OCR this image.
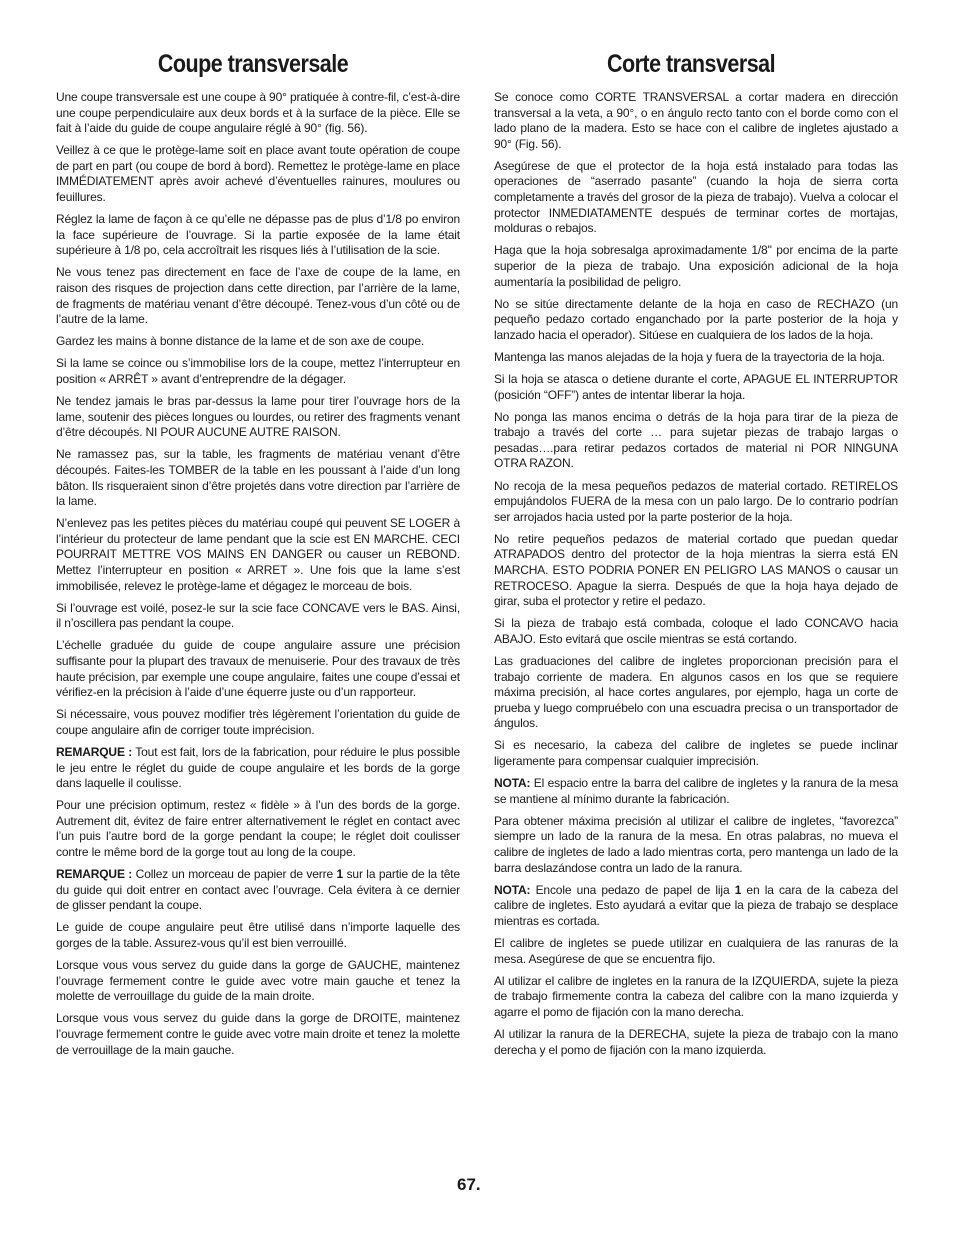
Coupe transversale

Une coupe transversale est une coupe à 90° pratiquée à contre-fil, c’est-à-dire une coupe perpendiculaire aux deux bords et à la surface de la pièce. Elle se fait à l’aide du guide de coupe angulaire réglé à 90° (fig. 56).

Veillez à ce que le protège-lame soit en place avant toute opération de coupe de part en part (ou coupe de bord à bord). Remettez le protège-lame en place IMMÉDIATEMENT après avoir achevé d’éventuelles rainures, moulures ou feuillures.

Réglez la lame de façon à ce qu’elle ne dépasse pas de plus d’1/8 po environ la face supérieure de l’ouvrage. Si la partie exposée de la lame était supérieure à 1/8 po, cela accroîtrait les risques liés à l’utilisation de la scie.

Ne vous tenez pas directement en face de l’axe de coupe de la lame, en raison des risques de projection dans cette direction, par l’arrière de la lame, de fragments de matériau venant d’être découpé. Tenez-vous d’un côté ou de l’autre de la lame.

Gardez les mains à bonne distance de la lame et de son axe de coupe.

Si la lame se coince ou s’immobilise lors de la coupe, mettez l’interrupteur en position « ARRÊT » avant d’entreprendre de la dégager.

Ne tendez jamais le bras par-dessus la lame pour tirer l’ouvrage hors de la lame, soutenir des pièces longues ou lourdes, ou retirer des fragments venant d’être découpés. NI POUR AUCUNE AUTRE RAISON.

Ne ramassez pas, sur la table, les fragments de matériau venant d’être découpés. Faites-les TOMBER de la table en les poussant à l’aide d’un long bâton. Ils risqueraient sinon d’être projetés dans votre direction par l’arrière de la lame.

N’enlevez pas les petites pièces du matériau coupé qui peuvent SE LOGER à l’intérieur du protecteur de lame pendant que la scie est EN MARCHE. CECI POURRAIT METTRE VOS MAINS EN DANGER ou causer un REBOND. Mettez l’interrupteur en position « ARRET ». Une fois que la lame s’est immobilisée, relevez le protège-lame et dégagez le morceau de bois.

Si l’ouvrage est voilé, posez-le sur la scie face CONCAVE vers le BAS. Ainsi, il n’oscillera pas pendant la coupe.

L’échelle graduée du guide de coupe angulaire assure une précision suffisante pour la plupart des travaux de menuiserie. Pour des travaux de très haute précision, par exemple une coupe angulaire, faites une coupe d’essai et vérifiez-en la précision à l’aide d’une équerre juste ou d’un rapporteur.

Si nécessaire, vous pouvez modifier très légèrement l’orientation du guide de coupe angulaire afin de corriger toute imprécision.

REMARQUE : Tout est fait, lors de la fabrication, pour réduire le plus possible le jeu entre le réglet du guide de coupe angulaire et les bords de la gorge dans laquelle il coulisse.

Pour une précision optimum, restez « fidèle » à l’un des bords de la gorge. Autrement dit, évitez de faire entrer alternativement le réglet en contact avec l’un puis l’autre bord de la gorge pendant la coupe; le réglet doit coulisser contre le même bord de la gorge tout au long de la coupe.

REMARQUE : Collez un morceau de papier de verre 1 sur la partie de la tête du guide qui doit entrer en contact avec l’ouvrage. Cela évitera à ce dernier de glisser pendant la coupe.

Le guide de coupe angulaire peut être utilisé dans n’importe laquelle des gorges de la table. Assurez-vous qu’il est bien verrouillé.

Lorsque vous vous servez du guide dans la gorge de GAUCHE, maintenez l’ouvrage fermement contre le guide avec votre main gauche et tenez la molette de verrouillage du guide de la main droite.

Lorsque vous vous servez du guide dans la gorge de DROITE, maintenez l’ouvrage fermement contre le guide avec votre main droite et tenez la molette de verrouillage de la main gauche.

Corte transversal

Se conoce como CORTE TRANSVERSAL a cortar madera en dirección transversal a la veta, a 90°, o en ángulo recto tanto con el borde como con el lado plano de la madera. Esto se hace con el calibre de ingletes ajustado a 90° (Fig. 56).

Asegúrese de que el protector de la hoja está instalado para todas las operaciones de “aserrado pasante” (cuando la hoja de sierra corta completamente a través del grosor de la pieza de trabajo). Vuelva a colocar el protector INMEDIATAMENTE después de terminar cortes de mortajas, molduras o rebajos.

Haga que la hoja sobresalga aproximadamente 1/8" por encima de la parte superior de la pieza de trabajo. Una exposición adicional de la hoja aumentaría la posibilidad de peligro.

No se sitúe directamente delante de la hoja en caso de RECHAZO (un pequeño pedazo cortado enganchado por la parte posterior de la hoja y lanzado hacia el operador). Sitúese en cualquiera de los lados de la hoja.

Mantenga las manos alejadas de la hoja y fuera de la trayectoria de la hoja.

Si la hoja se atasca o detiene durante el corte, APAGUE EL INTERRUPTOR (posición “OFF”) antes de intentar liberar la hoja.

No ponga las manos encima o detrás de la hoja para tirar de la pieza de trabajo a través del corte … para sujetar piezas de trabajo largas o pesadas….para retirar pedazos cortados de material ni POR NINGUNA OTRA RAZON.

No recoja de la mesa pequeños pedazos de material cortado. RETIRELOS empujándolos FUERA de la mesa con un palo largo. De lo contrario podrían ser arrojados hacia usted por la parte posterior de la hoja.

No retire pequeños pedazos de material cortado que puedan quedar ATRAPADOS dentro del protector de la hoja mientras la sierra está EN MARCHA. ESTO PODRIA PONER EN PELIGRO LAS MANOS o causar un RETROCESO. Apague la sierra. Después de que la hoja haya dejado de girar, suba el protector y retire el pedazo.

Si la pieza de trabajo está combada, coloque el lado CONCAVO hacia ABAJO. Esto evitará que oscile mientras se está cortando.

Las graduaciones del calibre de ingletes proporcionan precisión para el trabajo corriente de madera. En algunos casos en los que se requiere máxima precisión, al hace cortes angulares, por ejemplo, haga un corte de prueba y luego compruébelo con una escuadra precisa o un transportador de ángulos.

Si es necesario, la cabeza del calibre de ingletes se puede inclinar ligeramente para compensar cualquier imprecisión.

NOTA: El espacio entre la barra del calibre de ingletes y la ranura de la mesa se mantiene al mínimo durante la fabricación.

Para obtener máxima precisión al utilizar el calibre de ingletes, “favorezca” siempre un lado de la ranura de la mesa. En otras palabras, no mueva el calibre de ingletes de lado a lado mientras corta, pero mantenga un lado de la barra deslazándose contra un lado de la ranura.

NOTA: Encole una pedazo de papel de lija 1 en la cara de la cabeza del calibre de ingletes. Esto ayudará a evitar que la pieza de trabajo se desplace mientras es cortada.

El calibre de ingletes se puede utilizar en cualquiera de las ranuras de la mesa. Asegúrese de que se encuentra fijo.

Al utilizar el calibre de ingletes en la ranura de la IZQUIERDA, sujete la pieza de trabajo firmemente contra la cabeza del calibre con la mano izquierda y agarre el pomo de fijación con la mano derecha.

Al utilizar la ranura de la DERECHA, sujete la pieza de trabajo con la mano derecha y el pomo de fijación con la mano izquierda.

67.
